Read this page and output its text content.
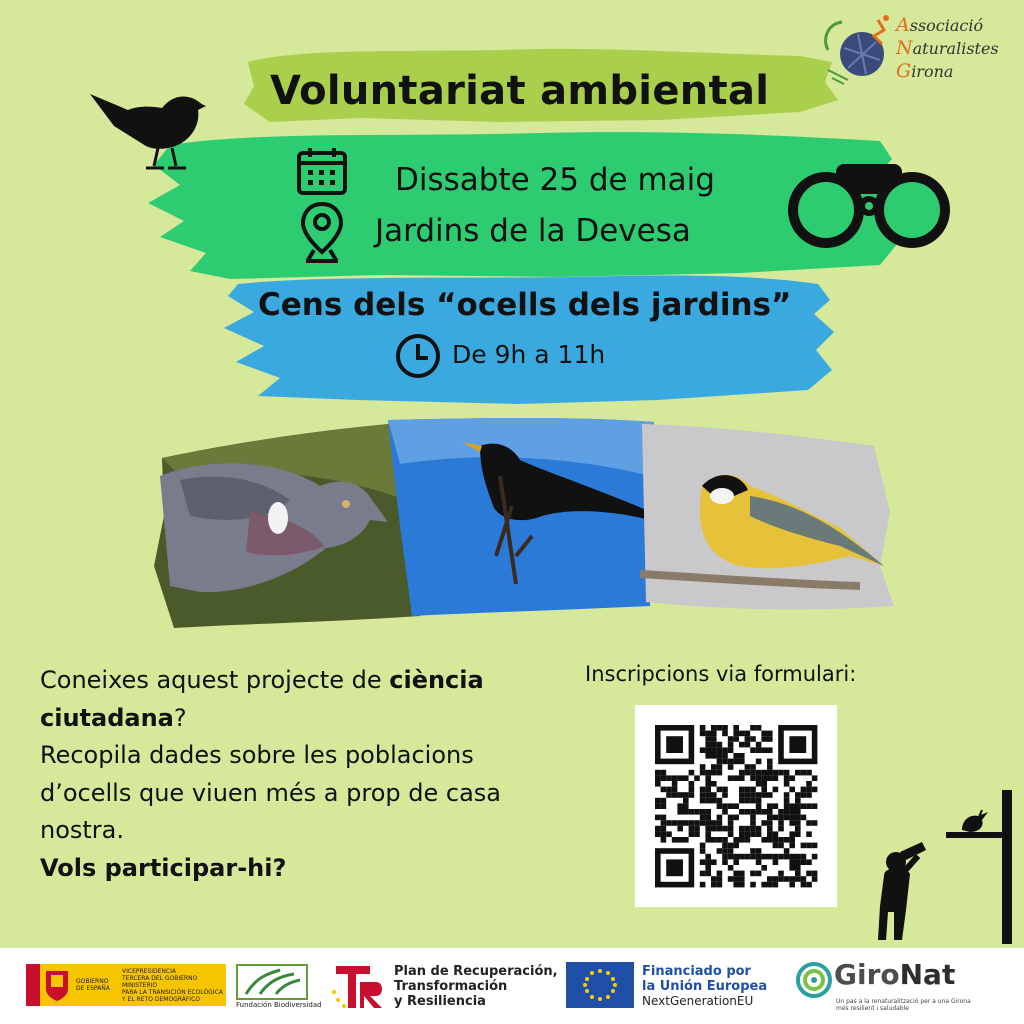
Voluntariat ambiental
Dissabte 25 de maig
Jardins de la Devesa
Cens dels “ocells dels jardins”
De 9h a 11h
Associació
Naturalistes
Girona

Coneixes aquest projecte de ciència
ciutadana?

Recopila dades sobre les poblacions d’ocells que viuen més a prop de casa nostra.

Vols participar-hi?

Inscripcions via formulari:
GOBIERNO
DE ESPAÑA
VICEPRESIDENCIA
TERCERA DEL GOBIERNO
MINISTERIO
PARA LA TRANSICIÓN ECOLÓGICA
Y EL RETO DEMOGRÁFICO
Fundación Biodiversidad
Plan de Recuperación,
Transformación
y Resiliencia
Financiado por
la Unión Europea
NextGenerationEU
GiroNat
Un pas a la renaturalització per a una Girona
més resilient i saludable
